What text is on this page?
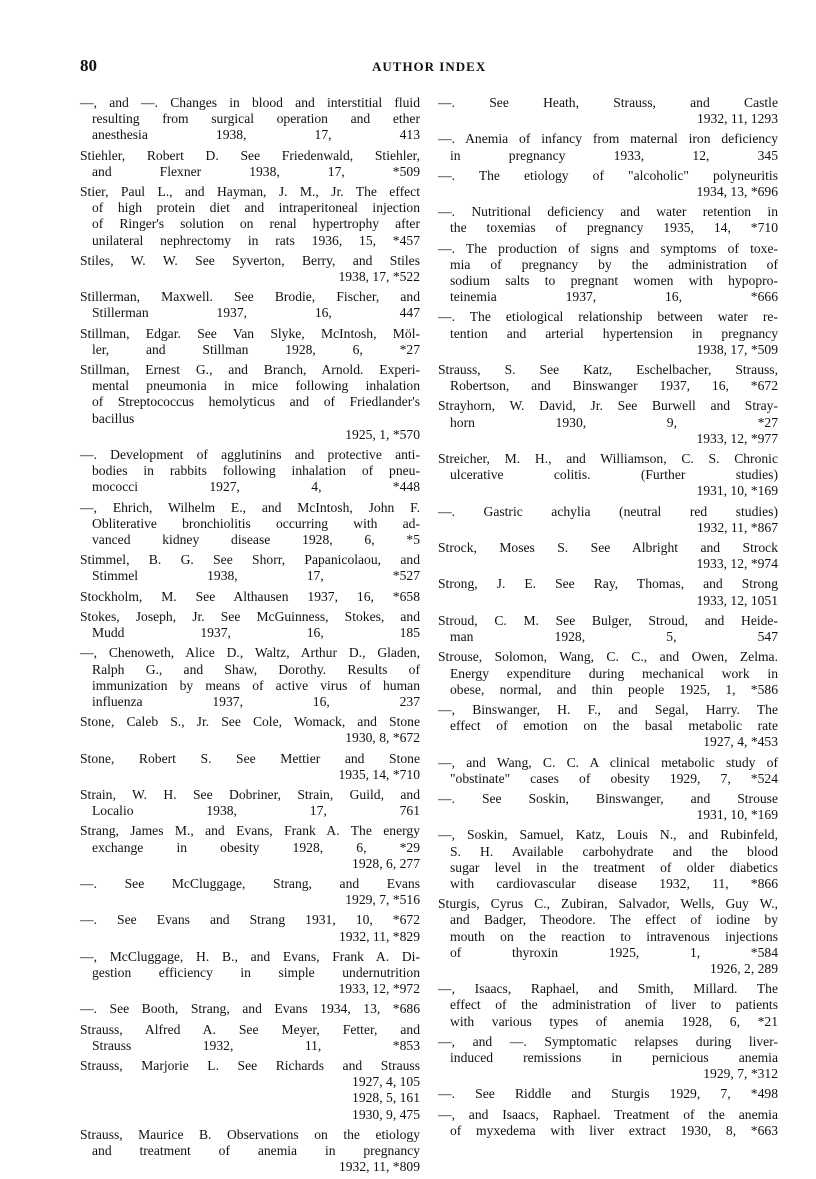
80	AUTHOR INDEX
—, and —. Changes in blood and interstitial fluid
resulting from surgical operation and ether
anesthesia 1938, 17, 413
Stiehler, Robert D. See Friedenwald, Stiehler,
and Flexner 1938, 17, *509
Stier, Paul L., and Hayman, J. M., Jr. The effect
of high protein diet and intraperitoneal injection
of Ringer's solution on renal hypertrophy after
unilateral nephrectomy in rats 1936, 15, *457
Stiles, W. W. See Syverton, Berry, and Stiles
1938, 17, *522
Stillerman, Maxwell. See Brodie, Fischer, and
Stillerman 1937, 16, 447
Stillman, Edgar. See Van Slyke, McIntosh, Möl-
ler, and Stillman 1928, 6, *27
Stillman, Ernest G., and Branch, Arnold. Experi-
mental pneumonia in mice following inhalation
of Streptococcus hemolyticus and of Friedlander's
bacillus
1925, 1, *570
—. Development of agglutinins and protective anti-
bodies in rabbits following inhalation of pneu-
mococci 1927, 4, *448
—, Ehrich, Wilhelm E., and McIntosh, John F.
Obliterative bronchiolitis occurring with ad-
vanced kidney disease 1928, 6, *5
Stimmel, B. G. See Shorr, Papanicolaou, and
Stimmel 1938, 17, *527
Stockholm, M. See Althausen 1937, 16, *658
Stokes, Joseph, Jr. See McGuinness, Stokes, and
Mudd 1937, 16, 185
—, Chenoweth, Alice D., Waltz, Arthur D., Gladen,
Ralph G., and Shaw, Dorothy. Results of
immunization by means of active virus of human
influenza 1937, 16, 237
Stone, Caleb S., Jr. See Cole, Womack, and Stone
1930, 8, *672
Stone, Robert S. See Mettier and Stone
1935, 14, *710
Strain, W. H. See Dobriner, Strain, Guild, and
Localio 1938, 17, 761
Strang, James M., and Evans, Frank A. The energy
exchange in obesity 1928, 6, *29
1928, 6, 277
—. See McCluggage, Strang, and Evans
1929, 7, *516
—. See Evans and Strang 1931, 10, *672
1932, 11, *829
—, McCluggage, H. B., and Evans, Frank A. Di-
gestion efficiency in simple undernutrition
1933, 12, *972
—. See Booth, Strang, and Evans 1934, 13, *686
Strauss, Alfred A. See Meyer, Fetter, and
Strauss 1932, 11, *853
Strauss, Marjorie L. See Richards and Strauss
1927, 4, 105
1928, 5, 161
1930, 9, 475
Strauss, Maurice B. Observations on the etiology
and treatment of anemia in pregnancy
1932, 11, *809
—. See Heath, Strauss, and Castle
1932, 11, 1293
—. Anemia of infancy from maternal iron deficiency
in pregnancy 1933, 12, 345
—. The etiology of "alcoholic" polyneuritis
1934, 13, *696
—. Nutritional deficiency and water retention in
the toxemias of pregnancy 1935, 14, *710
—. The production of signs and symptoms of toxe-
mia of pregnancy by the administration of
sodium salts to pregnant women with hypopro-
teinemia 1937, 16, *666
—. The etiological relationship between water re-
tention and arterial hypertension in pregnancy
1938, 17, *509
Strauss, S. See Katz, Eschelbacher, Strauss,
Robertson, and Binswanger 1937, 16, *672
Strayhorn, W. David, Jr. See Burwell and Stray-
horn 1930, 9, *27
1933, 12, *977
Streicher, M. H., and Williamson, C. S. Chronic
ulcerative colitis. (Further studies)
1931, 10, *169
—. Gastric achylia (neutral red studies)
1932, 11, *867
Strock, Moses S. See Albright and Strock
1933, 12, *974
Strong, J. E. See Ray, Thomas, and Strong
1933, 12, 1051
Stroud, C. M. See Bulger, Stroud, and Heide-
man 1928, 5, 547
Strouse, Solomon, Wang, C. C., and Owen, Zelma.
Energy expenditure during mechanical work in
obese, normal, and thin people 1925, 1, *586
—, Binswanger, H. F., and Segal, Harry. The
effect of emotion on the basal metabolic rate
1927, 4, *453
—, and Wang, C. C. A clinical metabolic study of
"obstinate" cases of obesity 1929, 7, *524
—. See Soskin, Binswanger, and Strouse
1931, 10, *169
—, Soskin, Samuel, Katz, Louis N., and Rubinfeld,
S. H. Available carbohydrate and the blood
sugar level in the treatment of older diabetics
with cardiovascular disease 1932, 11, *866
Sturgis, Cyrus C., Zubiran, Salvador, Wells, Guy W.,
and Badger, Theodore. The effect of iodine by
mouth on the reaction to intravenous injections
of thyroxin 1925, 1, *584
1926, 2, 289
—, Isaacs, Raphael, and Smith, Millard. The
effect of the administration of liver to patients
with various types of anemia 1928, 6, *21
—, and —. Symptomatic relapses during liver-
induced remissions in pernicious anemia
1929, 7, *312
—. See Riddle and Sturgis 1929, 7, *498
—, and Isaacs, Raphael. Treatment of the anemia
of myxedema with liver extract 1930, 8, *663
